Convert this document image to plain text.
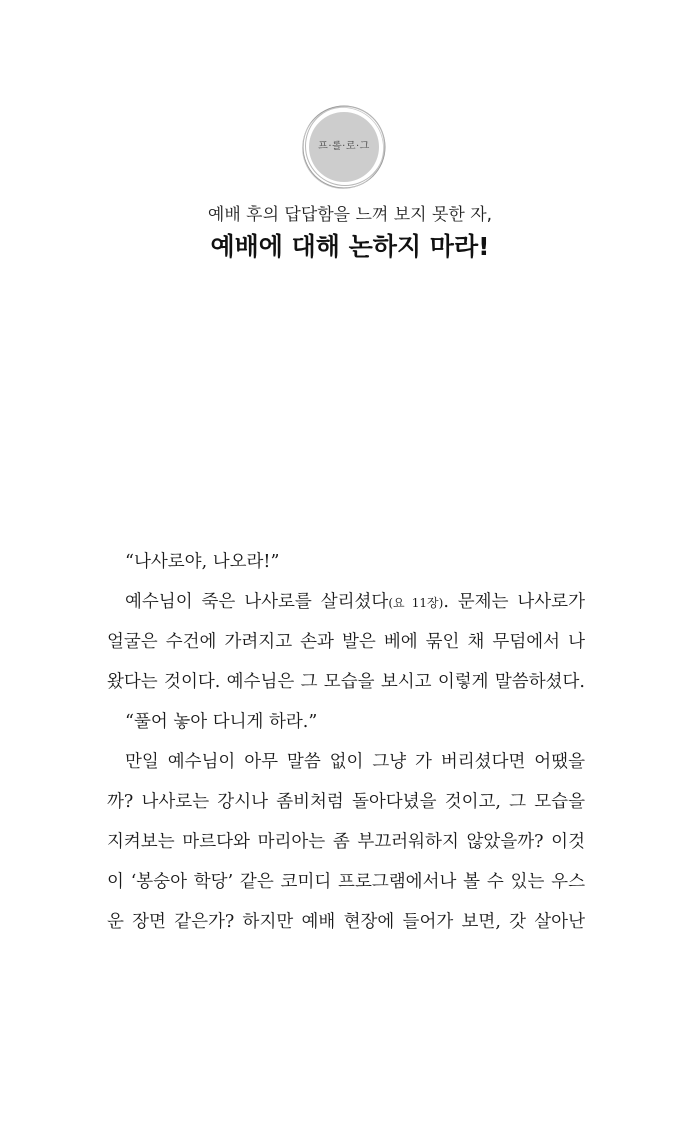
프·롤·로·그
예배 후의 답답함을 느껴 보지 못한 자,
예배에 대해 논하지 마라!
“나사로야, 나오라!”
예수님이 죽은 나사로를 살리셨다(요 11장). 문제는 나사로가
얼굴은 수건에 가려지고 손과 발은 베에 묶인 채 무덤에서 나
왔다는 것이다. 예수님은 그 모습을 보시고 이렇게 말씀하셨다.
“풀어 놓아 다니게 하라.”
만일 예수님이 아무 말씀 없이 그냥 가 버리셨다면 어땠을
까? 나사로는 강시나 좀비처럼 돌아다녔을 것이고, 그 모습을
지켜보는 마르다와 마리아는 좀 부끄러워하지 않았을까? 이것
이 ‘봉숭아 학당’ 같은 코미디 프로그램에서나 볼 수 있는 우스
운 장면 같은가? 하지만 예배 현장에 들어가 보면, 갓 살아난
